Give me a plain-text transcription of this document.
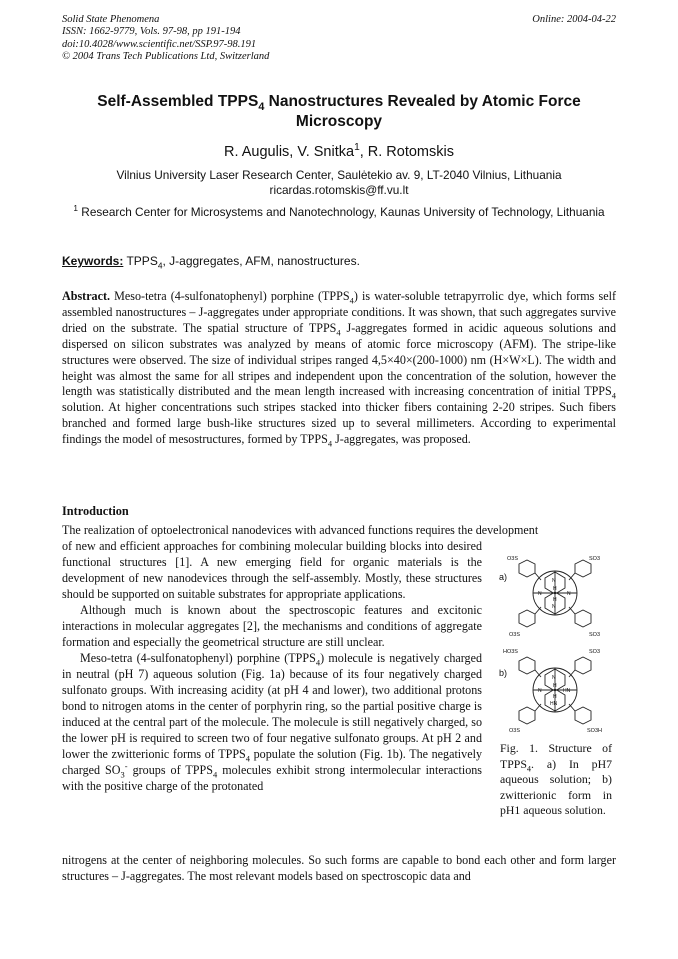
Solid State Phenomena
ISSN: 1662-9779, Vols. 97-98, pp 191-194
doi:10.4028/www.scientific.net/SSP.97-98.191
© 2004 Trans Tech Publications Ltd, Switzerland
Online: 2004-04-22
Self-Assembled $TPPS_4$ Nanostructures Revealed by Atomic Force Microscopy
R. Augulis, V. Snitka$^1$, R. Rotomskis
Vilnius University Laser Research Center, Saulėtekio av. 9, LT-2040 Vilnius, Lithuania
ricardas.rotomskis@ff.vu.lt
$^1$ Research Center for Microsystems and Nanotechnology, Kaunas University of Technology, Lithuania
Keywords: $TPPS_4$, J-aggregates, AFM, nanostructures.
Abstract. Meso-tetra (4-sulfonatophenyl) porphine $(TPPS_4)$ is water-soluble tetrapyrrolic dye, which forms self assembled nanostructures – J-aggregates under appropriate conditions. It was shown, that such aggregates survive dried on the substrate. The spatial structure of $TPPS_4$ J-aggregates formed in acidic aqueous solutions and dispersed on silicon substrates was analyzed by means of atomic force microscopy (AFM). The stripe-like structures were observed. The size of individual stripes ranged 4,5×40×(200-1000) nm (H×W×L). The width and height was almost the same for all stripes and independent upon the concentration of the solution, however the length was statistically distributed and the mean length increased with increasing concentration of initial $TPPS_4$ solution. At higher concentrations such stripes stacked into thicker fibers containing 2-20 stripes. Such fibers branched and formed large bush-like structures sized up to several millimeters. According to experimental findings the model of mesostructures, formed by $TPPS_4$ J-aggregates, was proposed.
Introduction
The realization of optoelectronical nanodevices with advanced functions requires the development

of new and efficient approaches for combining molecular building blocks into desired functional structures [1]. A new emerging field for organic materials is the development of new nanodevices through the self-assembly. Mostly, these structures should be supported on suitable substrates for appropriate applications.

Although much is known about the spectroscopic features and excitonic interactions in molecular aggregates [2], the mechanisms and conditions of aggregate formation and especially the geometrical structure are still unclear.

Meso-tetra (4-sulfonatophenyl) porphine $(TPPS_4)$ molecule is negatively charged in neutral (pH 7) aqueous solution (Fig. 1a) because of its four negatively charged sulfonato groups. With increasing acidity (at pH 4 and lower), two additional protons bond to nitrogen atoms in the center of porphyrin ring, so the partial positive charge is induced at the central part of the molecule. The molecule is still negatively charged, so the lower pH is required to screen two of four negative sulfonato groups. At pH 2 and lower the zwitterionic forms of $TPPS_4$ populate the solution (Fig. 1b). The negatively charged $SO_3^-$ groups of $TPPS_4$ molecules exhibit strong intermolecular interactions with the positive charge of the protonated

nitrogens at the center of neighboring molecules. So such forms are capable to bond each other and form larger structures – J-aggregates. The most relevant models based on spectroscopic data and
a)
b)
O3S	SO3
O3S	SO3
HO3S	SO3
O3S	SO3H
N
N
N	N
H
H
N
HN
N	HN
H
H
Fig. 1. Structure of $TPPS_4$. a) In pH7 aqueous solution; b) zwitterionic form in pH1 aqueous solution.
